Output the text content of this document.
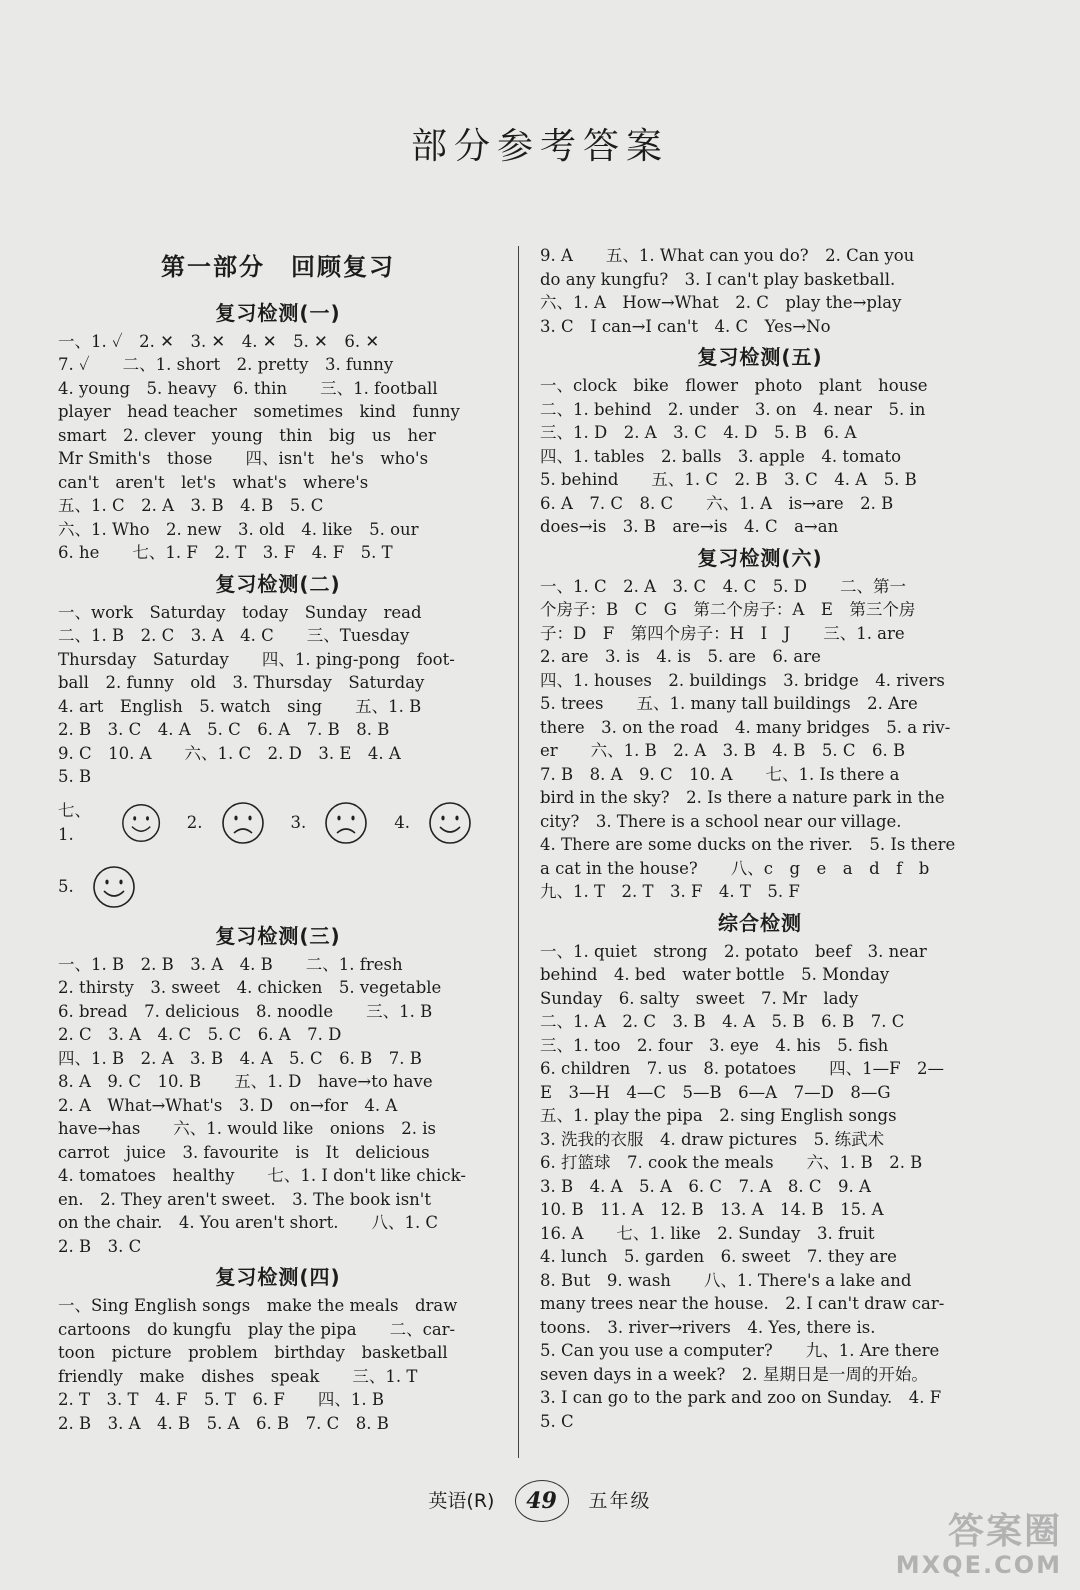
部分参考答案
第一部分　回顾复习
复习检测(一)
一、1. ✓　2. ✕　3. ✕　4. ✕　5. ✕　6. ✕
7. ✓　　二、1. short　2. pretty　3. funny
4. young　5. heavy　6. thin　　三、1. football
player　head teacher　sometimes　kind　funny
smart　2. clever　young　thin　big　us　her
Mr Smith's　those　　四、isn't　he's　who's
can't　aren't　let's　what's　where's
五、1. C　2. A　3. B　4. B　5. C
六、1. Who　2. new　3. old　4. like　5. our
6. he　　七、1. F　2. T　3. F　4. F　5. T
复习检测(二)
一、work　Saturday　today　Sunday　read
二、1. B　2. C　3. A　4. C　　三、Tuesday
Thursday　Saturday　　四、1. ping-pong　foot-
ball　2. funny　old　3. Thursday　Saturday
4. art　English　5. watch　sing　　五、1. B
2. B　3. C　4. A　5. C　6. A　7. B　8. B
9. C　10. A　　六、1. C　2. D　3. E　4. A
5. B
七、1.
2.	3.	4.
5.
复习检测(三)
一、1. B　2. B　3. A　4. B　　二、1. fresh
2. thirsty　3. sweet　4. chicken　5. vegetable
6. bread　7. delicious　8. noodle　　三、1. B
2. C　3. A　4. C　5. C　6. A　7. D
四、1. B　2. A　3. B　4. A　5. C　6. B　7. B
8. A　9. C　10. B　　五、1. D　have→to have
2. A　What→What's　3. D　on→for　4. A
have→has　　六、1. would like　onions　2. is
carrot　juice　3. favourite　is　It　delicious
4. tomatoes　healthy　　七、1. I don't like chick-
en.　2. They aren't sweet.　3. The book isn't
on the chair.　4. You aren't short.　　八、1. C
2. B　3. C
复习检测(四)
一、Sing English songs　make the meals　draw
cartoons　do kungfu　play the pipa　　二、car-
toon　picture　problem　birthday　basketball
friendly　make　dishes　speak　　三、1. T
2. T　3. T　4. F　5. T　6. F　　四、1. B
2. B　3. A　4. B　5. A　6. B　7. C　8. B
9. A　　五、1. What can you do?　2. Can you
do any kungfu?　3. I can't play basketball.
六、1. A　How→What　2. C　play the→play
3. C　I can→I can't　4. C　Yes→No
复习检测(五)
一、clock　bike　flower　photo　plant　house
二、1. behind　2. under　3. on　4. near　5. in
三、1. D　2. A　3. C　4. D　5. B　6. A
四、1. tables　2. balls　3. apple　4. tomato
5. behind　　五、1. C　2. B　3. C　4. A　5. B
6. A　7. C　8. C　　六、1. A　is→are　2. B
does→is　3. B　are→is　4. C　a→an
复习检测(六)
一、1. C　2. A　3. C　4. C　5. D　　二、第一
个房子：B　C　G　第二个房子：A　E　第三个房
子：D　F　第四个房子：H　I　J　　三、1. are
2. are　3. is　4. is　5. are　6. are
四、1. houses　2. buildings　3. bridge　4. rivers
5. trees　　五、1. many tall buildings　2. Are
there　3. on the road　4. many bridges　5. a riv-
er　　六、1. B　2. A　3. B　4. B　5. C　6. B
7. B　8. A　9. C　10. A　　七、1. Is there a
bird in the sky?　2. Is there a nature park in the
city?　3. There is a school near our village.
4. There are some ducks on the river.　5. Is there
a cat in the house?　　八、c　g　e　a　d　f　b
九、1. T　2. T　3. F　4. T　5. F
综合检测
一、1. quiet　strong　2. potato　beef　3. near
behind　4. bed　water bottle　5. Monday
Sunday　6. salty　sweet　7. Mr　lady
二、1. A　2. C　3. B　4. A　5. B　6. B　7. C
三、1. too　2. four　3. eye　4. his　5. fish
6. children　7. us　8. potatoes　　四、1—F　2—
E　3—H　4—C　5—B　6—A　7—D　8—G
五、1. play the pipa　2. sing English songs
3. 洗我的衣服　4. draw pictures　5. 练武术
6. 打篮球　7. cook the meals　　六、1. B　2. B
3. B　4. A　5. A　6. C　7. A　8. C　9. A
10. B　11. A　12. B　13. A　14. B　15. A
16. A　　七、1. like　2. Sunday　3. fruit
4. lunch　5. garden　6. sweet　7. they are
8. But　9. wash　　八、1. There's a lake and
many trees near the house.　2. I can't draw car-
toons.　3. river→rivers　4. Yes, there is.
5. Can you use a computer?　　九、1. Are there
seven days in a week?　2. 星期日是一周的开始。
3. I can go to the park and zoo on Sunday.　4. F
5. C
英语(R) 49 五年级
答案圈
MXQE.COM
